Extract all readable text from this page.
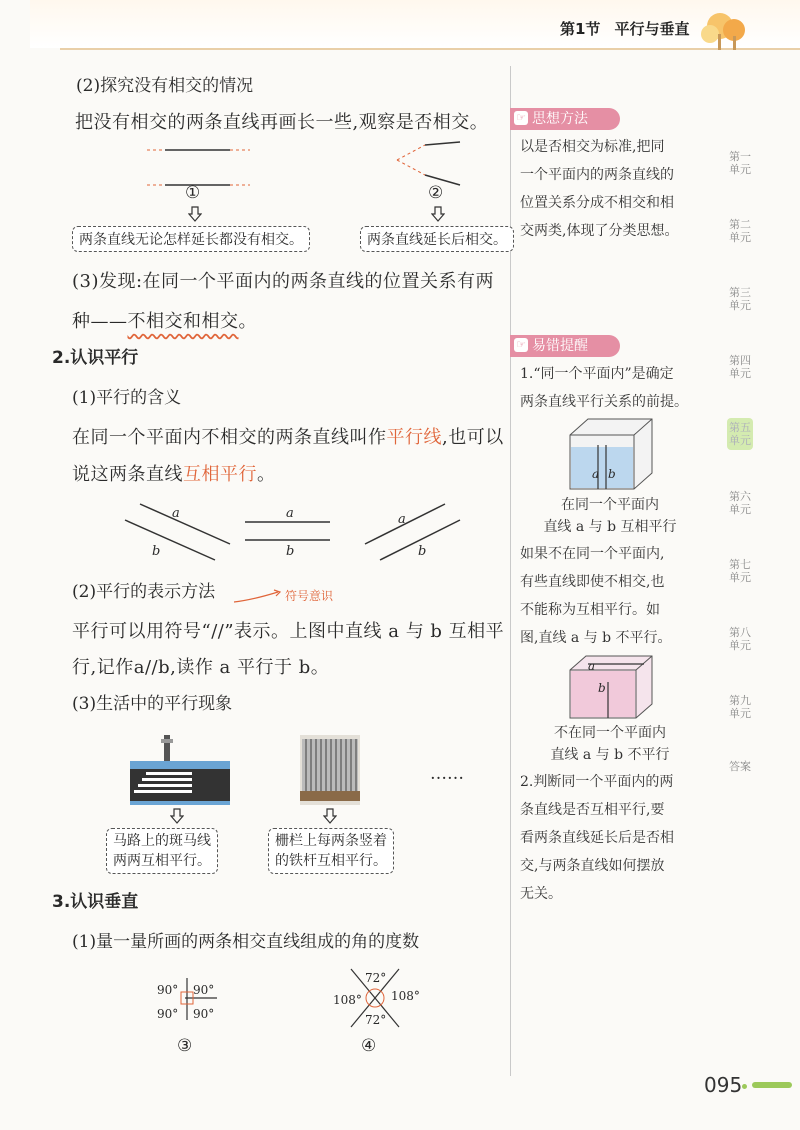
第1节 平行与垂直
(2)探究没有相交的情况
把没有相交的两条直线再画长一些,观察是否相交。
①	②
两条直线无论怎样延长都没有相交。	两条直线延长后相交。
(3)发现:在同一个平面内的两条直线的位置关系有两
种——不相交和相交。
2.认识平行
(1)平行的含义
在同一个平面内不相交的两条直线叫作平行线,也可以
说这两条直线互相平行。
a
b
a
b
a
b
(2)平行的表示方法	符号意识
平行可以用符号“//”表示。上图中直线 a 与 b 互相平
行,记作a//b,读作 a 平行于 b。
(3)生活中的平行现象
……
马路上的斑马线
两两互相平行。
栅栏上每两条竖着
的铁杆互相平行。
3.认识垂直
(1)量一量所画的两条相交直线组成的角的度数
90° 90°
90° 90°
③
72°
72°
108° 108°
④
☞ 思想方法
以是否相交为标准,把同
一个平面内的两条直线的
位置关系分成不相交和相
交两类,体现了分类思想。
☞ 易错提醒
1.“同一个平面内”是确定
两条直线平行关系的前提。
a b
在同一个平面内
直线 a 与 b 互相平行
如果不在同一个平面内,
有些直线即使不相交,也
不能称为互相平行。如
图,直线 a 与 b 不平行。
a
b
不在同一个平面内
直线 a 与 b 不平行
2.判断同一个平面内的两
条直线是否互相平行,要
看两条直线延长后是否相
交,与两条直线如何摆放
无关。
第一单元
第二单元
第三单元
第四单元
第五单元
第六单元
第七单元
第八单元
第九单元
答案
095
